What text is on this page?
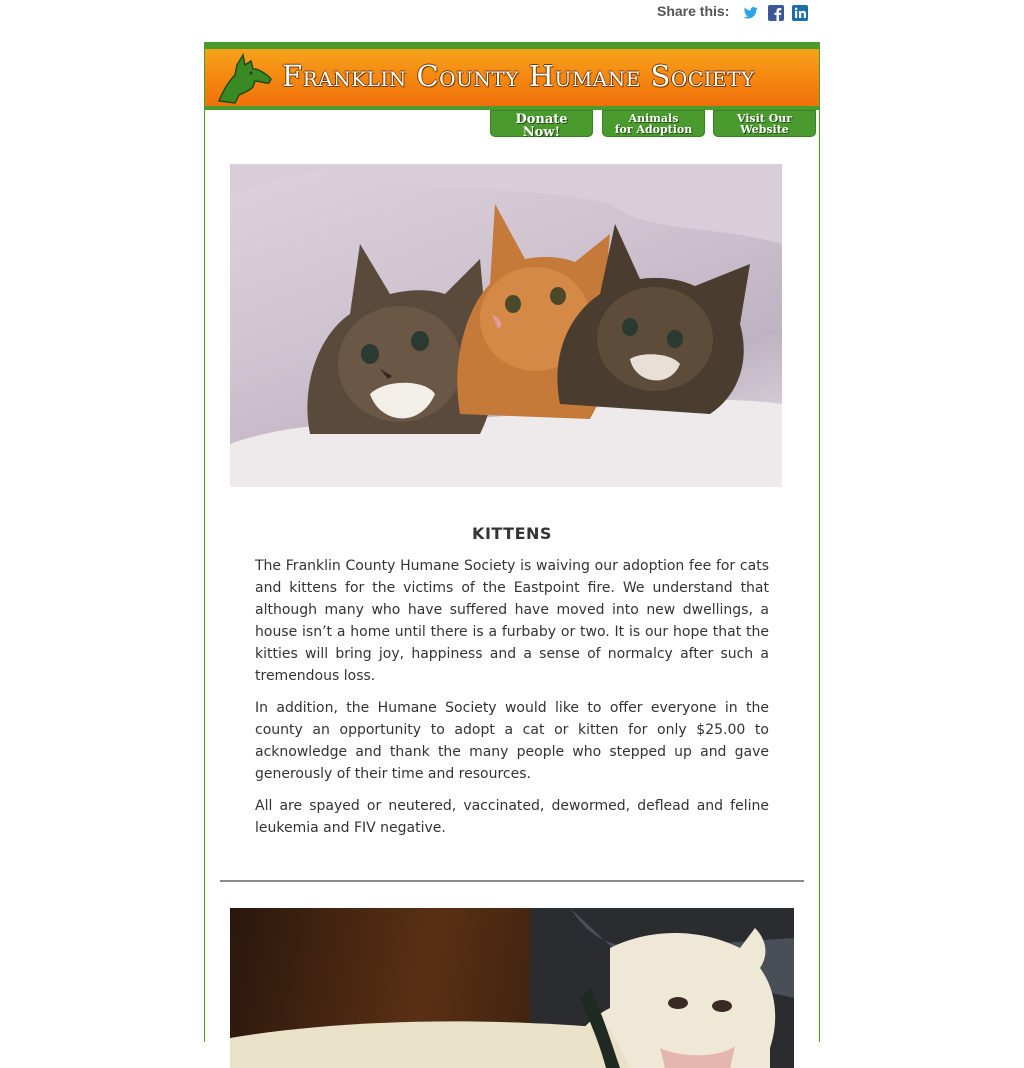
Share this:
Franklin County Humane Society
Donate
Now!
Animals
for Adoption
Visit Our
Website
KITTENS

The Franklin County Humane Society is waiving our adoption fee for cats and kittens for the victims of the Eastpoint fire. We understand that although many who have suffered have moved into new dwellings, a house isn’t a home until there is a furbaby or two. It is our hope that the kitties will bring joy, happiness and a sense of normalcy after such a tremendous loss.

In addition, the Humane Society would like to offer everyone in the county an opportunity to adopt a cat or kitten for only $25.00 to acknowledge and thank the many people who stepped up and gave generously of their time and resources.

All are spayed or neutered, vaccinated, dewormed, deflead and feline leukemia and FIV negative.
